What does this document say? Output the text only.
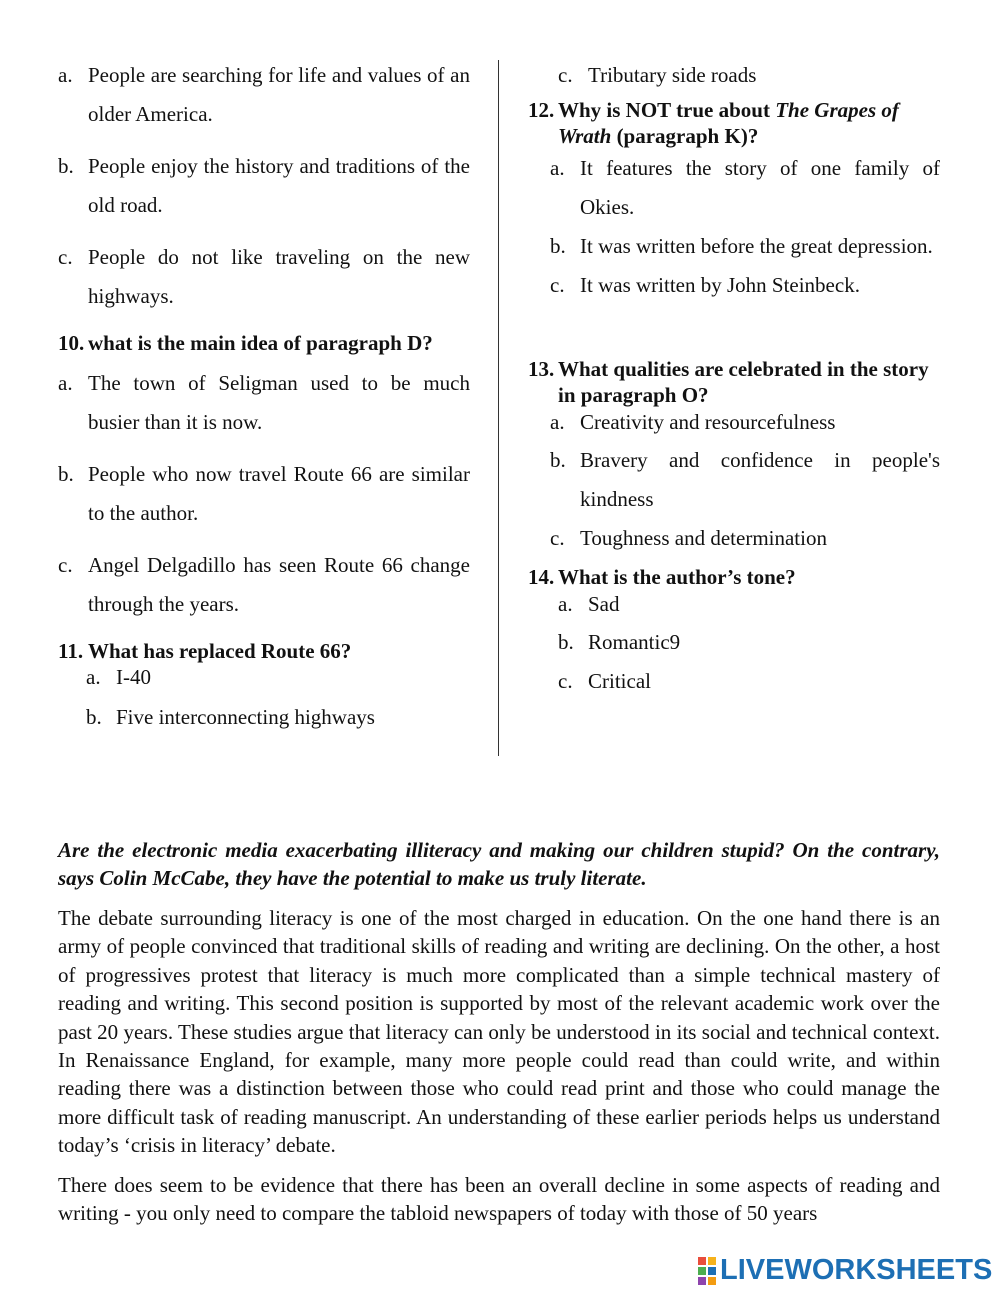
a. People are searching for life and values of an older America.
b. People enjoy the history and traditions of the old road.
c. People do not like traveling on the new highways.
10. what is the main idea of paragraph D?
a. The town of Seligman used to be much busier than it is now.
b. People who now travel Route 66 are similar to the author.
c. Angel Delgadillo has seen Route 66 change through the years.
11. What has replaced Route 66?
a. I-40
b. Five interconnecting highways
c. Tributary side roads
12. Why is NOT true about The Grapes of Wrath (paragraph K)?
a. It features the story of one family of Okies.
b. It was written before the great depression.
c. It was written by John Steinbeck.
13. What qualities are celebrated in the story in paragraph O?
a. Creativity and resourcefulness
b. Bravery and confidence in people's kindness
c. Toughness and determination
14. What is the author’s tone?
a. Sad
b. Romantic9
c. Critical

Are the electronic media exacerbating illiteracy and making our children stupid? On the contrary, says Colin McCabe, they have the potential to make us truly literate.

The debate surrounding literacy is one of the most charged in education. On the one hand there is an army of people convinced that traditional skills of reading and writing are declining. On the other, a host of progressives protest that literacy is much more complicated than a simple technical mastery of reading and writing. This second position is supported by most of the relevant academic work over the past 20 years. These studies argue that literacy can only be understood in its social and technical context. In Renaissance England, for example, many more people could read than could write, and within reading there was a distinction between those who could read print and those who could manage the more difficult task of reading manuscript. An understanding of these earlier periods helps us understand today’s ‘crisis in literacy’ debate.

There does seem to be evidence that there has been an overall decline in some aspects of reading and writing - you only need to compare the tabloid newspapers of today with those of 50 years

LIVEWORKSHEETS
